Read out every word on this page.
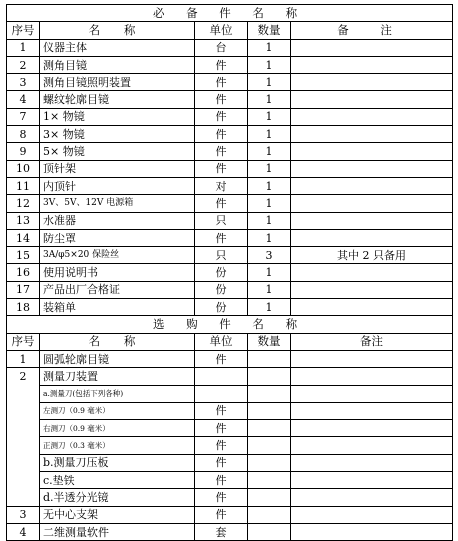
必 备 件 名 称				
序号	名 称	单位	数量	备 注
1	仪器主体	台	1	
2	测角目镜	件	1	
3	测角目镜照明装置	件	1	
4	螺纹轮廓目镜	件	1	
7	1× 物镜	件	1	
8	3× 物镜	件	1	
9	5× 物镜	件	1	
10	顶针架	件	1	
11	内顶针	对	1	
12	3V、5V、12V 电源箱	件	1	
13	水准器	只	1	
14	防尘罩	件	1	
15	3A/φ5×20 保险丝	只	3	其中 2 只备用
16	使用说明书	份	1	
17	产品出厂合格证	份	1	
18	装箱单	份	1	
选 购 件 名 称				
序号	名 称	单位	数量	备注
1	圆弧轮廓目镜	件		
2	测量刀装置			
	a.测量刀(包括下列各种)			
	左测刀（0.9 毫米）	件		
	右测刀（0.9 毫米）	件		
	正测刀（0.3 毫米）	件		
	b.测量刀压板	件		
	c.垫铁	件		
	d.半透分光镜	件		
3	无中心支架	件		
4	二维测量软件	套		
